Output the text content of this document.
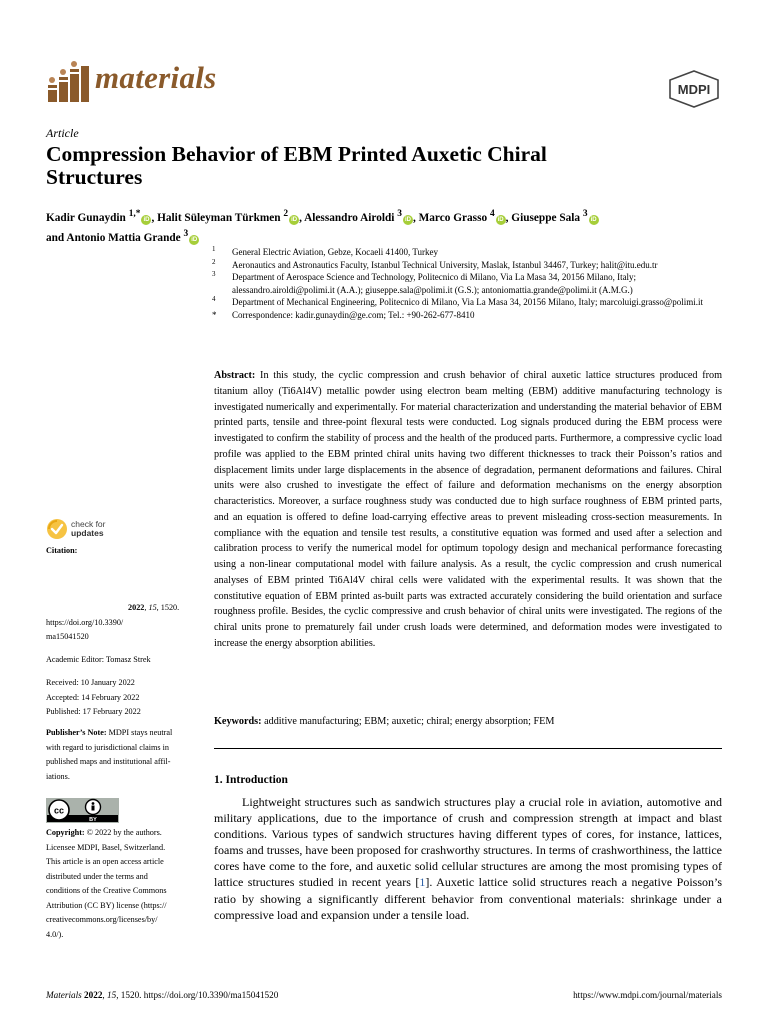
materials	MDPI
Article
Compression Behavior of EBM Printed Auxetic Chiral Structures
Kadir Gunaydin $^{1,*}$iD , Halit Süleyman Türkmen $^2$iD , Alessandro Airoldi $^3$iD , Marco Grasso $^4$iD , Giuseppe Sala $^3$iD
and Antonio Mattia Grande $^3$iD
1 General Electric Aviation, Gebze, Kocaeli 41400, Turkey
2 Aeronautics and Astronautics Faculty, Istanbul Technical University, Maslak, Istanbul 34467, Turkey; halit@itu.edu.tr
3 Department of Aerospace Science and Technology, Politecnico di Milano, Via La Masa 34, 20156 Milano, Italy; alessandro.airoldi@polimi.it (A.A.); giuseppe.sala@polimi.it (G.S.); antoniomattia.grande@polimi.it (A.M.G.)
4 Department of Mechanical Engineering, Politecnico di Milano, Via La Masa 34, 20156 Milano, Italy; marcoluigi.grasso@polimi.it
* Correspondence: kadir.gunaydin@ge.com; Tel.: +90-262-677-8410
Abstract: In this study, the cyclic compression and crush behavior of chiral auxetic lattice structures produced from titanium alloy (Ti6Al4V) metallic powder using electron beam melting (EBM) additive manufacturing technology is investigated numerically and experimentally. For material characterization and understanding the material behavior of EBM printed parts, tensile and three-point flexural tests were conducted. Log signals produced during the EBM process were investigated to confirm the stability of process and the health of the produced parts. Furthermore, a compressive cyclic load profile was applied to the EBM printed chiral units having two different thicknesses to track their Poisson’s ratios and displacement limits under large displacements in the absence of degradation, permanent deformations and failures. Chiral units were also crushed to investigate the effect of failure and deformation mechanisms on the energy absorption characteristics. Moreover, a surface roughness study was conducted due to high surface roughness of EBM printed parts, and an equation is offered to define load-carrying effective areas to prevent misleading cross-section measurements. In compliance with the equation and tensile test results, a constitutive equation was formed and used after a selection and calibration process to verify the numerical model for optimum topology design and mechanical performance forecasting using a non-linear computational model with failure analysis. As a result, the cyclic compression and crush numerical analyses of EBM printed Ti6Al4V chiral cells were validated with the experimental results. It was shown that the constitutive equation of EBM printed as-built parts was extracted accurately considering the build orientation and surface roughness profile. Besides, the cyclic compressive and crush behavior of chiral units were investigated. The regions of the chiral units prone to prematurely fail under crush loads were determined, and deformation modes were investigated to increase the energy absorption abilities.
Keywords: additive manufacturing; EBM; auxetic; chiral; energy absorption; FEM
1. Introduction
Lightweight structures such as sandwich structures play a crucial role in aviation, automotive and military applications, due to the importance of crush and compression strength at impact and blast conditions. Various types of sandwich structures having different types of cores, for instance, lattices, foams and trusses, have been proposed for crashworthy structures. In terms of crashworthiness, the lattice cores have come to the fore, and auxetic solid cellular structures are among the most promising types of lattice structures studied in recent years [1]. Auxetic lattice solid structures reach a negative Poisson’s ratio by showing a significantly different behavior from conventional materials: shrinkage under a compressive load and expansion under a tensile load.
check for
updates
Citation:
2022, 15, 1520.
https://doi.org/10.3390/
ma15041520
Academic Editor: Tomasz Strek
Received: 10 January 2022
Accepted: 14 February 2022
Published: 17 February 2022
Publisher’s Note: MDPI stays neutral
with regard to jurisdictional claims in
published maps and institutional affil-
iations.
cc
BY
Copyright: © 2022 by the authors.
Licensee MDPI, Basel, Switzerland.
This article is an open access article
distributed under the terms and
conditions of the Creative Commons
Attribution (CC BY) license (https://
creativecommons.org/licenses/by/
4.0/).
Materials 2022, 15, 1520. https://doi.org/10.3390/ma15041520	https://www.mdpi.com/journal/materials
